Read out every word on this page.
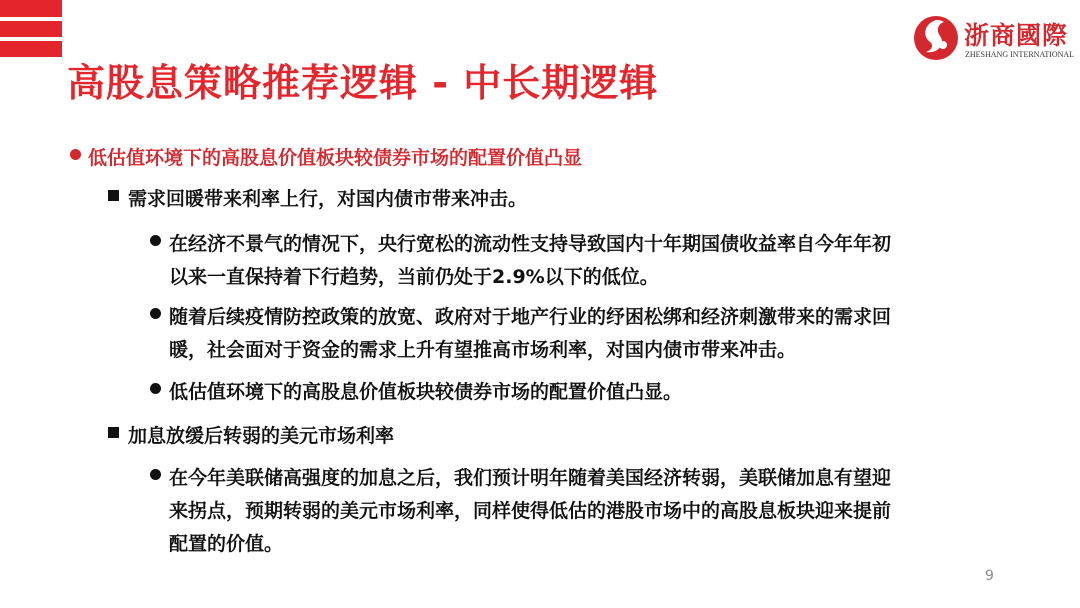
高股息策略推荐逻辑 - 中长期逻辑
浙商國際
ZHESHANG INTERNATIONAL
低估值环境下的高股息价值板块较债券市场的配置价值凸显
需求回暖带来利率上行，对国内债市带来冲击。
在经济不景气的情况下，央行宽松的流动性支持导致国内十年期国债收益率自今年年初
以来一直保持着下行趋势，当前仍处于2.9%以下的低位。
随着后续疫情防控政策的放宽、政府对于地产行业的纾困松绑和经济刺激带来的需求回
暖，社会面对于资金的需求上升有望推高市场利率，对国内债市带来冲击。
低估值环境下的高股息价值板块较债券市场的配置价值凸显。
加息放缓后转弱的美元市场利率
在今年美联储高强度的加息之后，我们预计明年随着美国经济转弱，美联储加息有望迎
来拐点，预期转弱的美元市场利率，同样使得低估的港股市场中的高股息板块迎来提前
配置的价值。
9
